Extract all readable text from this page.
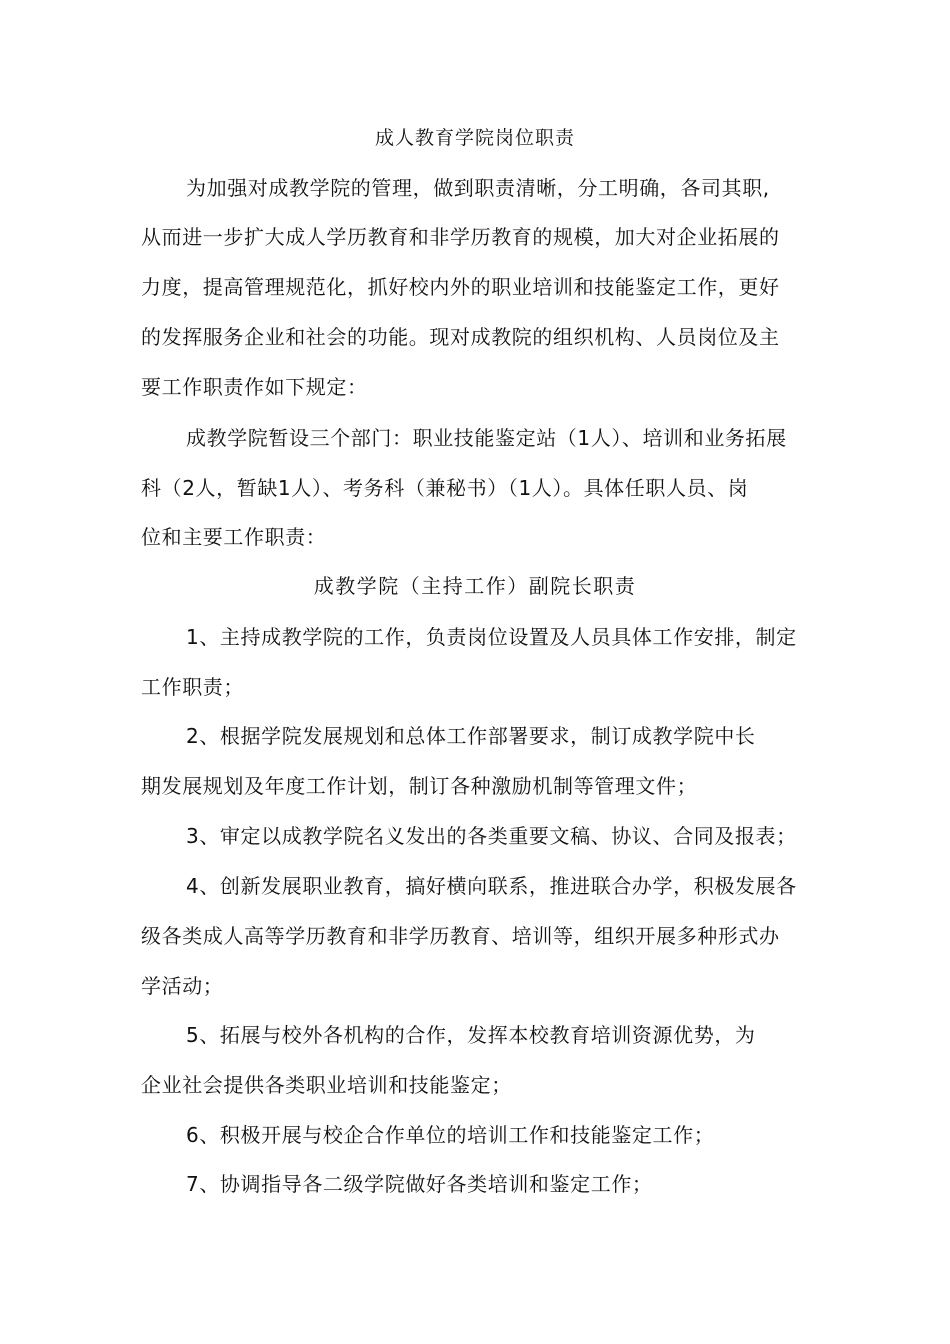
成人教育学院岗位职责
为加强对成教学院的管理，做到职责清晰，分工明确，各司其职,
从而进一步扩大成人学历教育和非学历教育的规模，加大对企业拓展的
力度，提高管理规范化，抓好校内外的职业培训和技能鉴定工作，更好
的发挥服务企业和社会的功能。现对成教院的组织机构、人员岗位及主
要工作职责作如下规定：
成教学院暂设三个部门：职业技能鉴定站（1人）、培训和业务拓展
科（2人，暂缺1人）、考务科（兼秘书）（1人）。具体任职人员、岗
位和主要工作职责：
成教学院（主持工作）副院长职责
1、主持成教学院的工作，负责岗位设置及人员具体工作安排，制定
工作职责；
2、根据学院发展规划和总体工作部署要求，制订成教学院中长
期发展规划及年度工作计划，制订各种激励机制等管理文件；
3、审定以成教学院名义发出的各类重要文稿、协议、合同及报表；
4、创新发展职业教育，搞好横向联系，推进联合办学，积极发展各
级各类成人高等学历教育和非学历教育、培训等，组织开展多种形式办
学活动；
5、拓展与校外各机构的合作，发挥本校教育培训资源优势，为
企业社会提供各类职业培训和技能鉴定；
6、积极开展与校企合作单位的培训工作和技能鉴定工作；
7、协调指导各二级学院做好各类培训和鉴定工作；
